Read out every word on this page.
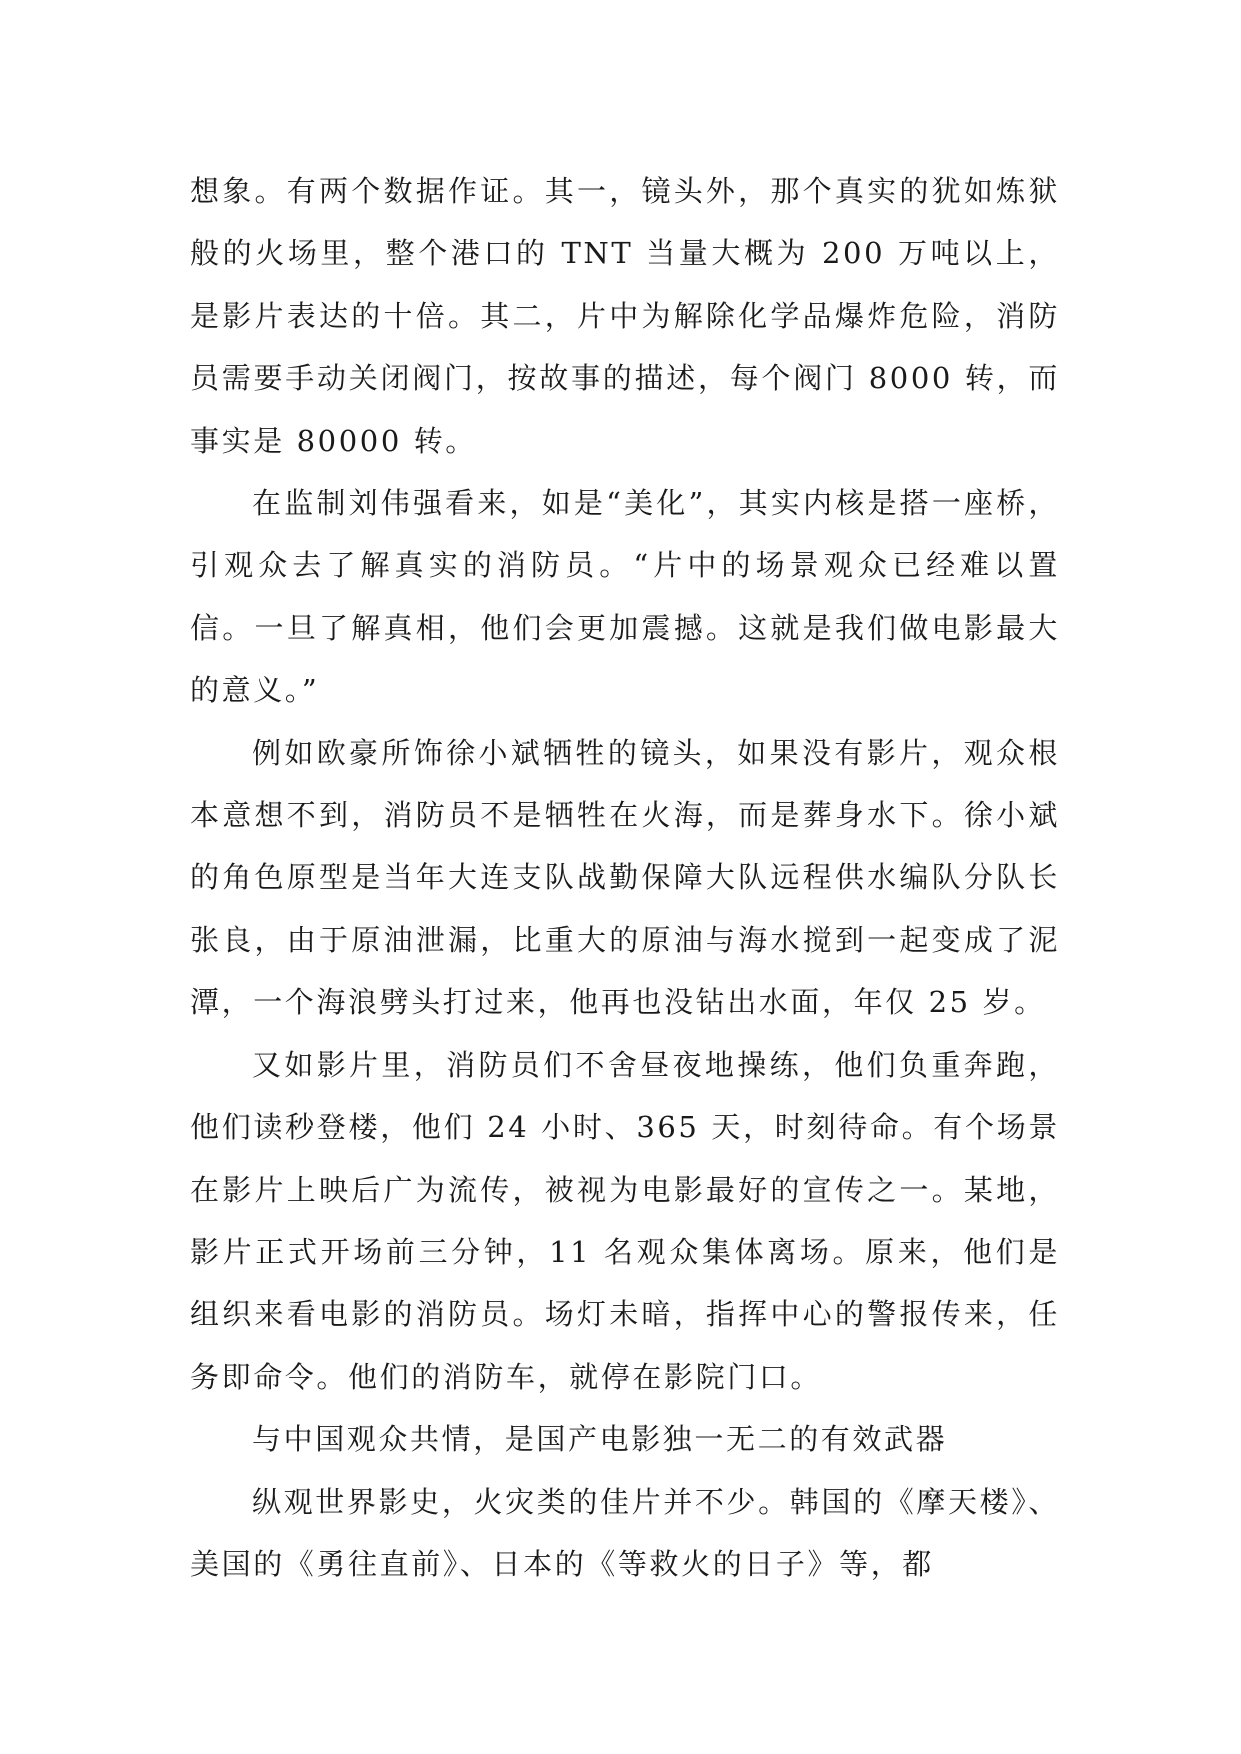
想象。有两个数据作证。其一，镜头外，那个真实的犹如炼狱般的火场里，整个港口的 TNT 当量大概为 200 万吨以上，是影片表达的十倍。其二，片中为解除化学品爆炸危险，消防员需要手动关闭阀门，按故事的描述，每个阀门 8000 转，而事实是 80000 转。

在监制刘伟强看来，如是“美化”，其实内核是搭一座桥，引观众去了解真实的消防员。“片中的场景观众已经难以置信。一旦了解真相，他们会更加震撼。这就是我们做电影最大的意义。”

例如欧豪所饰徐小斌牺牲的镜头，如果没有影片，观众根本意想不到，消防员不是牺牲在火海，而是葬身水下。徐小斌的角色原型是当年大连支队战勤保障大队远程供水编队分队长张良，由于原油泄漏，比重大的原油与海水搅到一起变成了泥潭，一个海浪劈头打过来，他再也没钻出水面，年仅 25 岁。

又如影片里，消防员们不舍昼夜地操练，他们负重奔跑，他们读秒登楼，他们 24 小时、365 天，时刻待命。有个场景在影片上映后广为流传，被视为电影最好的宣传之一。某地，影片正式开场前三分钟，11 名观众集体离场。原来，他们是组织来看电影的消防员。场灯未暗，指挥中心的警报传来，任务即命令。他们的消防车，就停在影院门口。

与中国观众共情，是国产电影独一无二的有效武器

纵观世界影史，火灾类的佳片并不少。韩国的《摩天楼》、美国的《勇往直前》、日本的《等救火的日子》等，都
